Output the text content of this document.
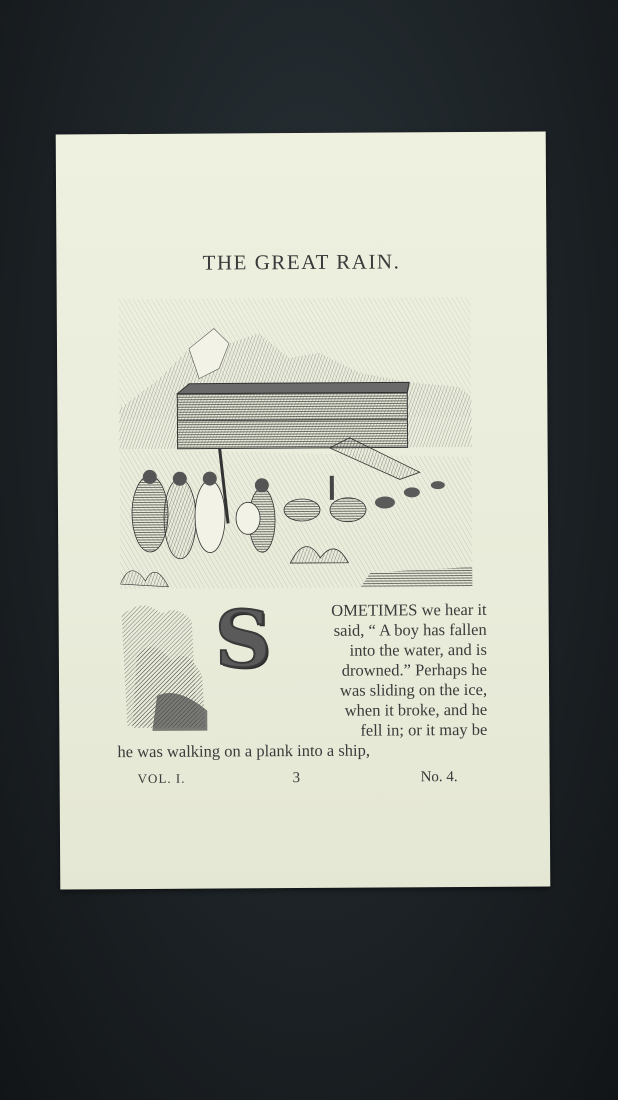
THE GREAT RAIN.
S	OMETIMES we hear it
said, “ A boy has fallen
into the water, and is
drowned.” Perhaps he
was sliding on the ice,
when it broke, and he
fell in; or it may be
he was walking on a plank into a ship,
VOL. I.	3	No. 4.
